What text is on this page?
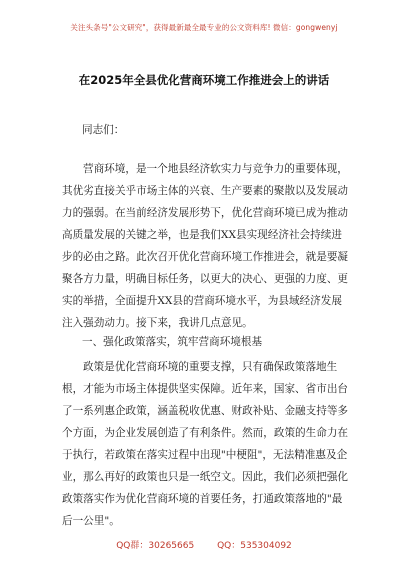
关注头条号"公文研究"，获得最新最全最专业的公文资料库! 微信：gongwenyj
在2025年全县优化营商环境工作推进会上的讲话
同志们：
营商环境，是一个地县经济软实力与竞争力的重要体现，其优劣直接关乎市场主体的兴衰、生产要素的聚散以及发展动力的强弱。在当前经济发展形势下，优化营商环境已成为推动高质量发展的关键之举，也是我们XX县实现经济社会持续进步的必由之路。此次召开优化营商环境工作推进会，就是要凝聚各方力量，明确目标任务，以更大的决心、更强的力度、更实的举措，全面提升XX县的营商环境水平，为县域经济发展注入强劲动力。接下来，我讲几点意见。
一、强化政策落实，筑牢营商环境根基
政策是优化营商环境的重要支撑，只有确保政策落地生根，才能为市场主体提供坚实保障。近年来，国家、省市出台了一系列惠企政策，涵盖税收优惠、财政补贴、金融支持等多个方面，为企业发展创造了有利条件。然而，政策的生命力在于执行，若政策在落实过程中出现"中梗阻"，无法精准惠及企业，那么再好的政策也只是一纸空文。因此，我们必须把强化政策落实作为优化营商环境的首要任务，打通政策落地的"最后一公里"。
QQ群：30265665	QQ：535304092
